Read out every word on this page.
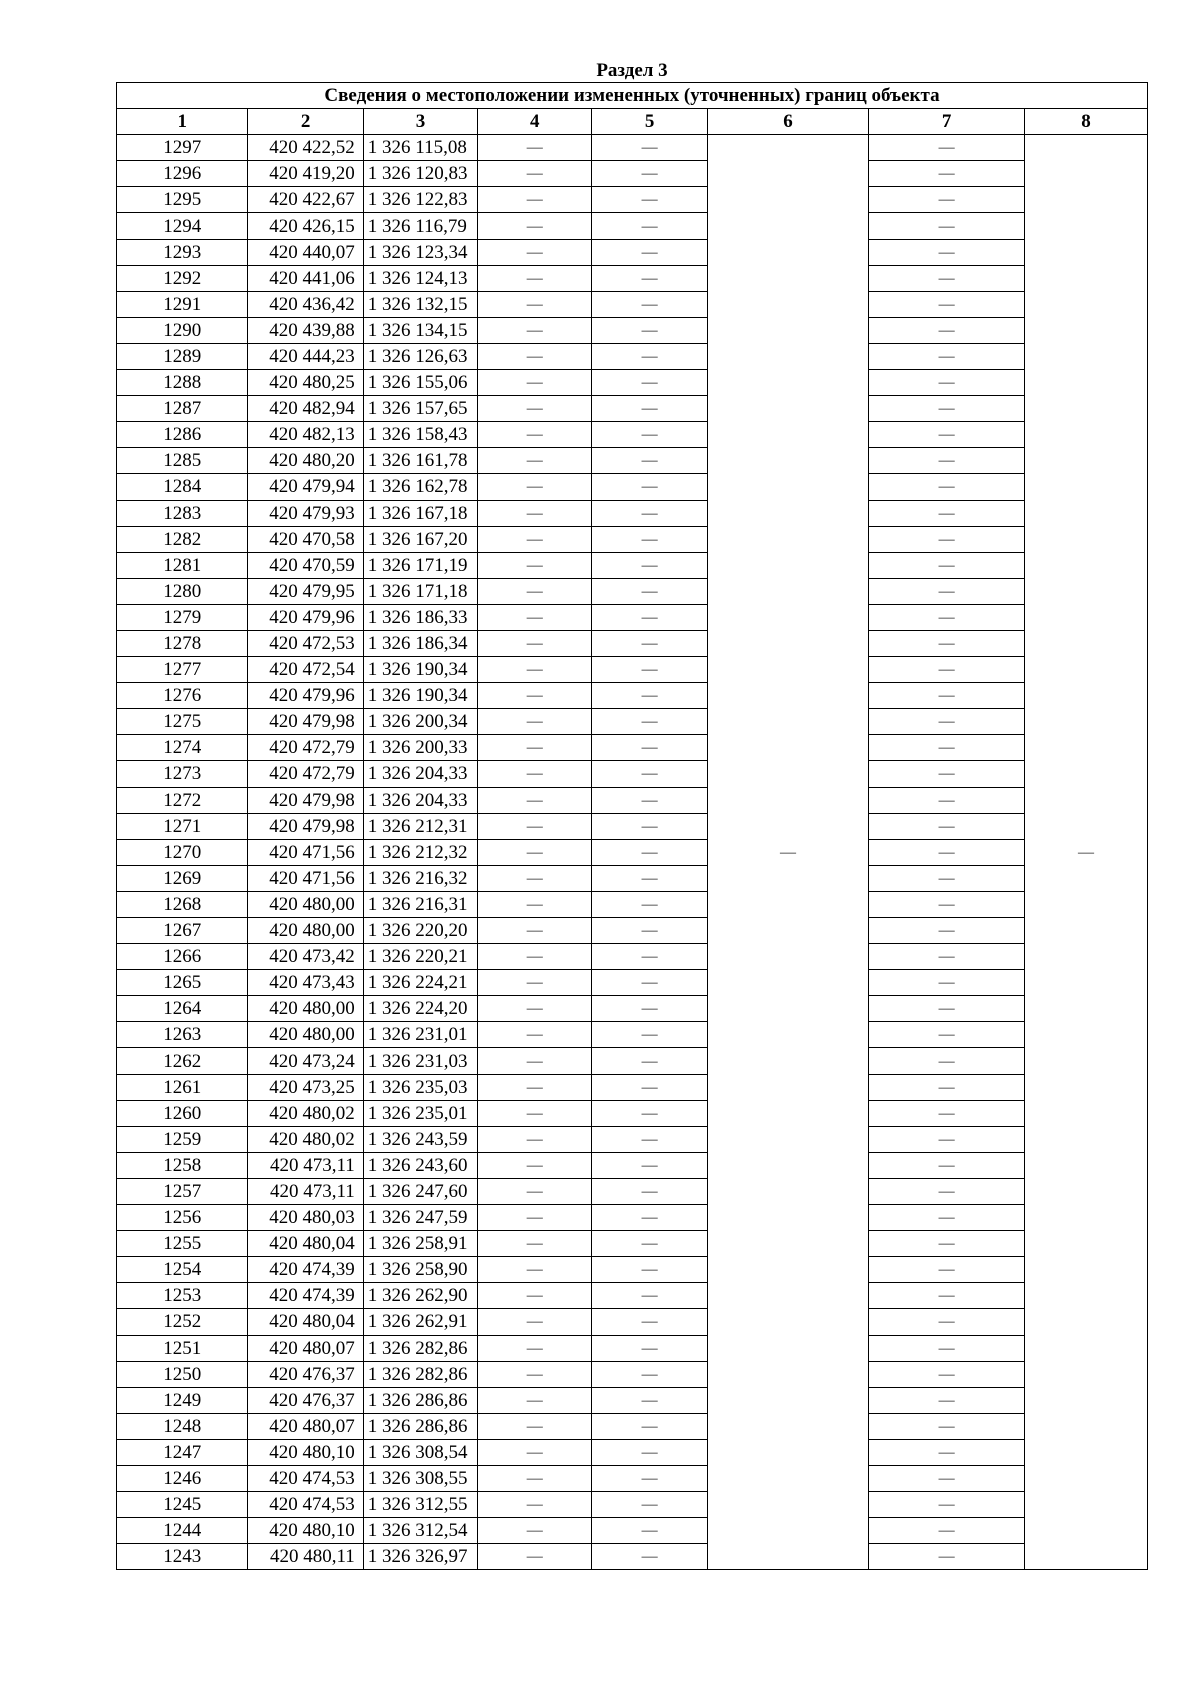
Раздел 3
Сведения о местоположении измененных (уточненных) границ объекта							
1	2	3	4	5	6	7	8
1297	420 422,52	1 326 115,08	—	—	—	—	—
1296	420 419,20	1 326 120,83	—	—		—	
1295	420 422,67	1 326 122,83	—	—		—	
1294	420 426,15	1 326 116,79	—	—		—	
1293	420 440,07	1 326 123,34	—	—		—	
1292	420 441,06	1 326 124,13	—	—		—	
1291	420 436,42	1 326 132,15	—	—		—	
1290	420 439,88	1 326 134,15	—	—		—	
1289	420 444,23	1 326 126,63	—	—		—	
1288	420 480,25	1 326 155,06	—	—		—	
1287	420 482,94	1 326 157,65	—	—		—	
1286	420 482,13	1 326 158,43	—	—		—	
1285	420 480,20	1 326 161,78	—	—		—	
1284	420 479,94	1 326 162,78	—	—		—	
1283	420 479,93	1 326 167,18	—	—		—	
1282	420 470,58	1 326 167,20	—	—		—	
1281	420 470,59	1 326 171,19	—	—		—	
1280	420 479,95	1 326 171,18	—	—		—	
1279	420 479,96	1 326 186,33	—	—		—	
1278	420 472,53	1 326 186,34	—	—		—	
1277	420 472,54	1 326 190,34	—	—		—	
1276	420 479,96	1 326 190,34	—	—		—	
1275	420 479,98	1 326 200,34	—	—		—	
1274	420 472,79	1 326 200,33	—	—		—	
1273	420 472,79	1 326 204,33	—	—		—	
1272	420 479,98	1 326 204,33	—	—		—	
1271	420 479,98	1 326 212,31	—	—		—	
1270	420 471,56	1 326 212,32	—	—		—	
1269	420 471,56	1 326 216,32	—	—		—	
1268	420 480,00	1 326 216,31	—	—		—	
1267	420 480,00	1 326 220,20	—	—		—	
1266	420 473,42	1 326 220,21	—	—		—	
1265	420 473,43	1 326 224,21	—	—		—	
1264	420 480,00	1 326 224,20	—	—		—	
1263	420 480,00	1 326 231,01	—	—		—	
1262	420 473,24	1 326 231,03	—	—		—	
1261	420 473,25	1 326 235,03	—	—		—	
1260	420 480,02	1 326 235,01	—	—		—	
1259	420 480,02	1 326 243,59	—	—		—	
1258	420 473,11	1 326 243,60	—	—		—	
1257	420 473,11	1 326 247,60	—	—		—	
1256	420 480,03	1 326 247,59	—	—		—	
1255	420 480,04	1 326 258,91	—	—		—	
1254	420 474,39	1 326 258,90	—	—		—	
1253	420 474,39	1 326 262,90	—	—		—	
1252	420 480,04	1 326 262,91	—	—		—	
1251	420 480,07	1 326 282,86	—	—		—	
1250	420 476,37	1 326 282,86	—	—		—	
1249	420 476,37	1 326 286,86	—	—		—	
1248	420 480,07	1 326 286,86	—	—		—	
1247	420 480,10	1 326 308,54	—	—		—	
1246	420 474,53	1 326 308,55	—	—		—	
1245	420 474,53	1 326 312,55	—	—		—	
1244	420 480,10	1 326 312,54	—	—		—	
1243	420 480,11	1 326 326,97	—	—		—	
